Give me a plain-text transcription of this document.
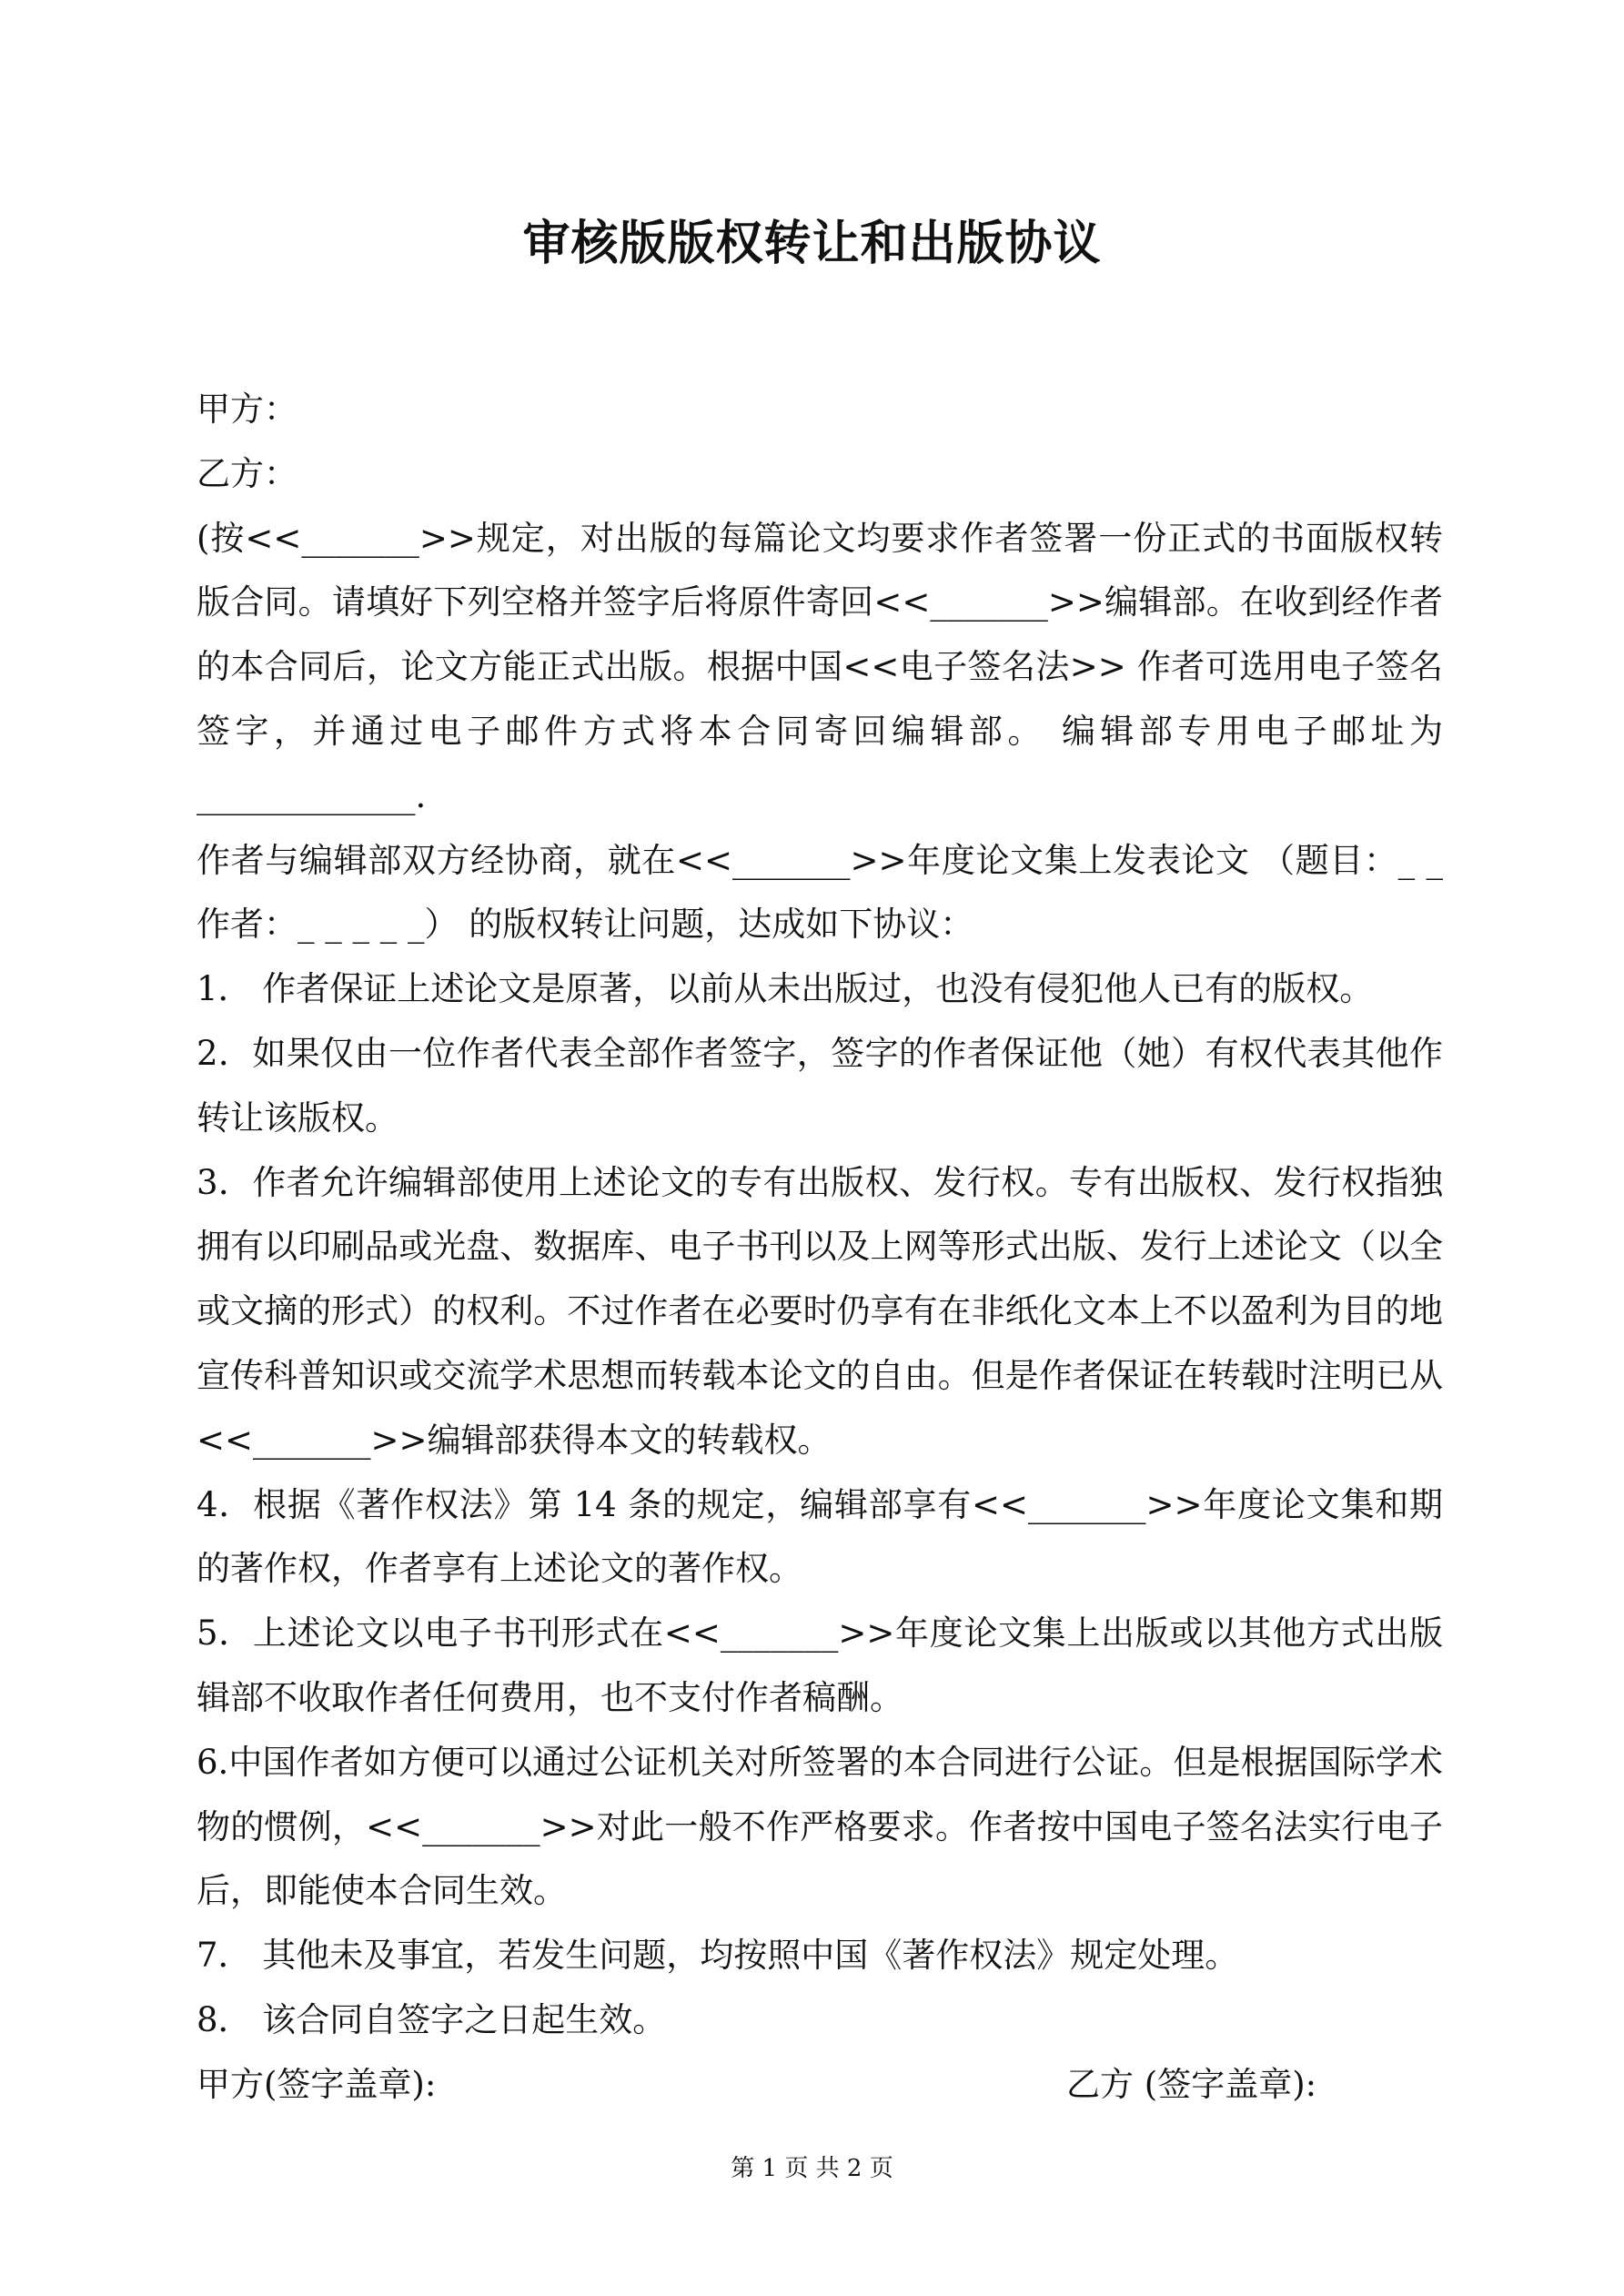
审核版版权转让和出版协议
甲方：
乙方：
(按<<_______>>规定，对出版的每篇论文均要求作者签署一份正式的书面版权转
版合同。请填好下列空格并签字后将原件寄回<<_______>>编辑部。在收到经作者
的本合同后，论文方能正式出版。根据中国<<电子签名法>> 作者可选用电子签名
签字，并通过电子邮件方式将本合同寄回编辑部。 编辑部专用电子邮址为
_____________.
作者与编辑部双方经协商，就在<<_______>>年度论文集上发表论文 （题目：_ _
作者：_ _ _ _ _） 的版权转让问题，达成如下协议：
1． 作者保证上述论文是原著，以前从未出版过，也没有侵犯他人已有的版权。
2．如果仅由一位作者代表全部作者签字，签字的作者保证他（她）有权代表其他作
转让该版权。
3．作者允许编辑部使用上述论文的专有出版权、发行权。专有出版权、发行权指独
拥有以印刷品或光盘、数据库、电子书刊以及上网等形式出版、发行上述论文（以全
或文摘的形式）的权利。不过作者在必要时仍享有在非纸化文本上不以盈利为目的地
宣传科普知识或交流学术思想而转载本论文的自由。但是作者保证在转载时注明已从
<<_______>>编辑部获得本文的转载权。
4．根据《著作权法》第 14 条的规定，编辑部享有<<_______>>年度论文集和期
的著作权，作者享有上述论文的著作权。
5．上述论文以电子书刊形式在<<_______>>年度论文集上出版或以其他方式出版
辑部不收取作者任何费用，也不支付作者稿酬。
6.中国作者如方便可以通过公证机关对所签署的本合同进行公证。但是根据国际学术
物的惯例，<<_______>>对此一般不作严格要求。作者按中国电子签名法实行电子
后，即能使本合同生效。
7． 其他未及事宜，若发生问题，均按照中国《著作权法》规定处理。
8． 该合同自签字之日起生效。
甲方(签字盖章):	乙方 (签字盖章):
第 1 页 共 2 页
